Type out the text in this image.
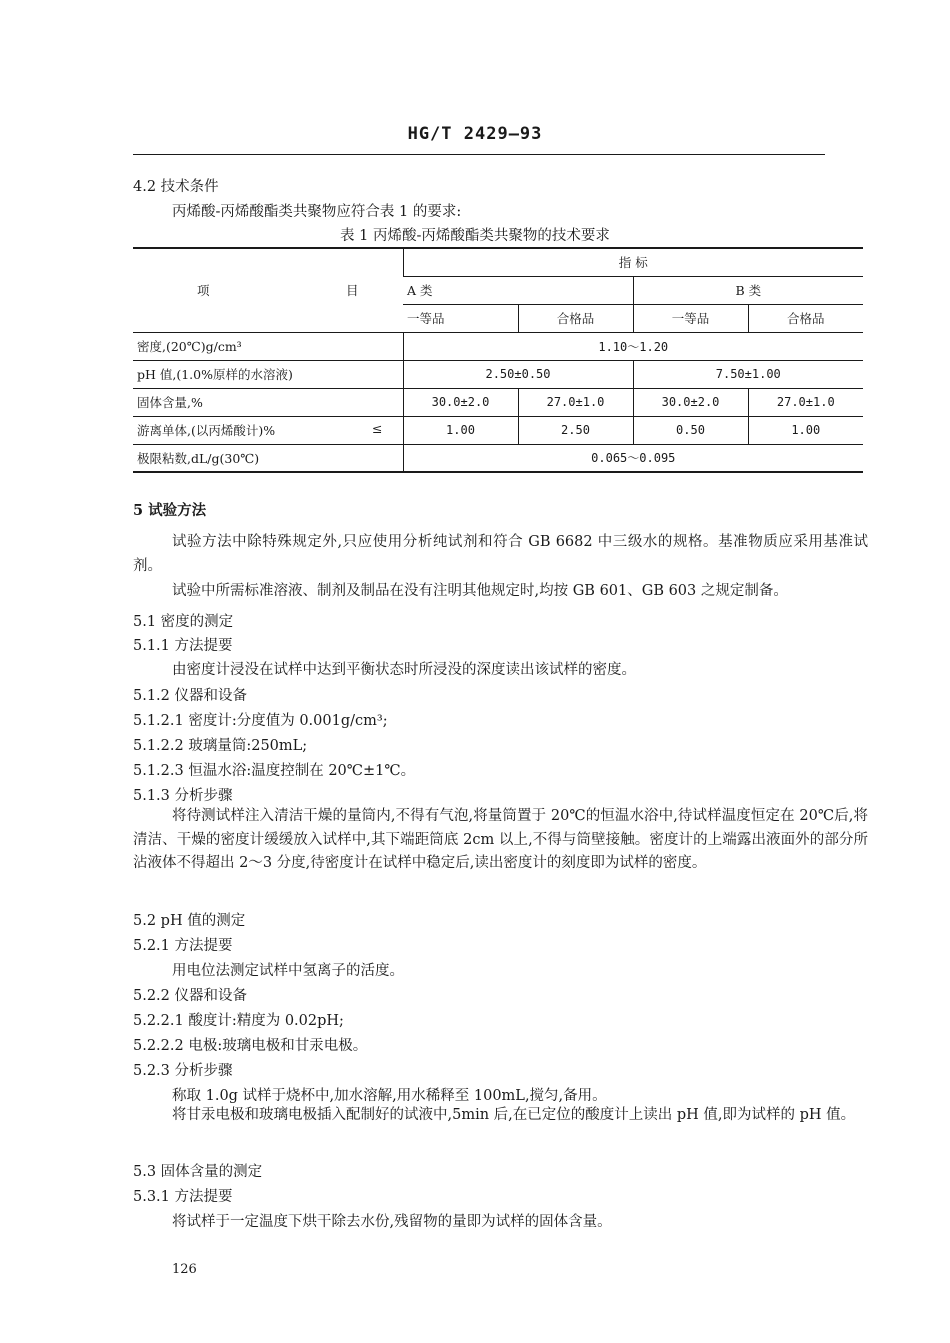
HG/T 2429—93
4.2 技术条件
丙烯酸-丙烯酸酯类共聚物应符合表 1 的要求:
表 1 丙烯酸-丙烯酸酯类共聚物的技术要求
项 目	指 标			
	A 类		B 类	
	一等品	合格品	一等品	合格品

密度,(20℃)g/cm³	1.10～1.20			

pH 值,(1.0%原样的水溶液)	2.50±0.50		7.50±1.00	

固体含量,%	30.0±2.0	27.0±1.0	30.0±2.0	27.0±1.0

游离单体,(以丙烯酸计)% ≤	1.00	2.50	0.50	1.00

极限粘数,dL/g(30℃)	0.065～0.095			
5 试验方法
试验方法中除特殊规定外,只应使用分析纯试剂和符合 GB 6682 中三级水的规格。基准物质应采用基准试剂。
试验中所需标准溶液、制剂及制品在没有注明其他规定时,均按 GB 601、GB 603 之规定制备。
5.1 密度的测定
5.1.1 方法提要
由密度计浸没在试样中达到平衡状态时所浸没的深度读出该试样的密度。
5.1.2 仪器和设备
5.1.2.1 密度计:分度值为 0.001g/cm³;
5.1.2.2 玻璃量筒:250mL;
5.1.2.3 恒温水浴:温度控制在 20℃±1℃。
5.1.3 分析步骤
将待测试样注入清洁干燥的量筒内,不得有气泡,将量筒置于 20℃的恒温水浴中,待试样温度恒定在 20℃后,将清洁、干燥的密度计缓缓放入试样中,其下端距筒底 2cm 以上,不得与筒壁接触。密度计的上端露出液面外的部分所沾液体不得超出 2～3 分度,待密度计在试样中稳定后,读出密度计的刻度即为试样的密度。
5.2 pH 值的测定
5.2.1 方法提要
用电位法测定试样中氢离子的活度。
5.2.2 仪器和设备
5.2.2.1 酸度计:精度为 0.02pH;
5.2.2.2 电极:玻璃电极和甘汞电极。
5.2.3 分析步骤
称取 1.0g 试样于烧杯中,加水溶解,用水稀释至 100mL,搅匀,备用。
将甘汞电极和玻璃电极插入配制好的试液中,5min 后,在已定位的酸度计上读出 pH 值,即为试样的 pH 值。
5.3 固体含量的测定
5.3.1 方法提要
将试样于一定温度下烘干除去水份,残留物的量即为试样的固体含量。
126
